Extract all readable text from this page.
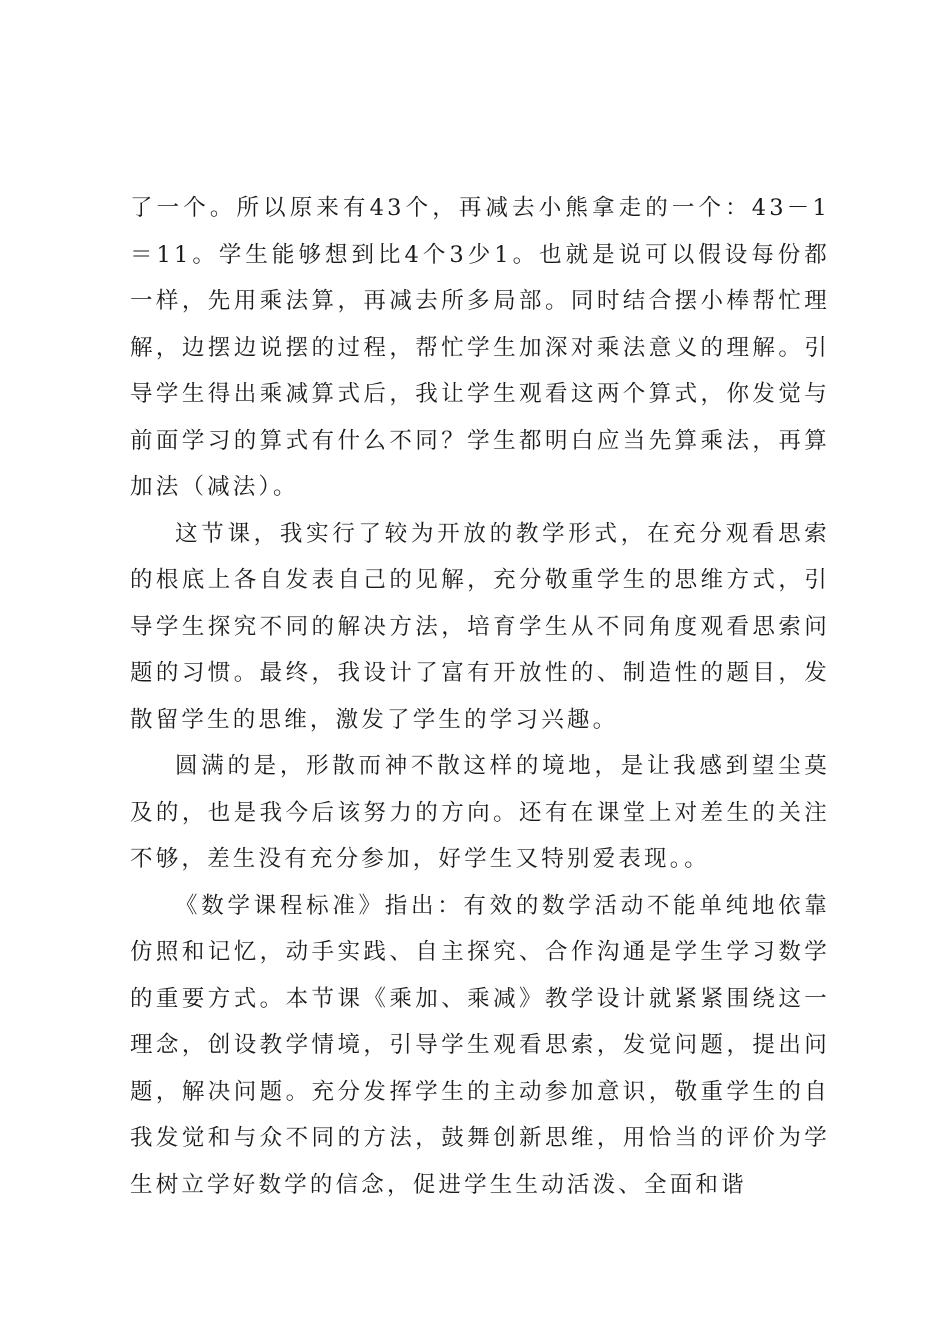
了一个。所以原来有43个，再减去小熊拿走的一个：43－1＝11。学生能够想到比4个3少1。也就是说可以假设每份都一样，先用乘法算，再减去所多局部。同时结合摆小棒帮忙理解，边摆边说摆的过程，帮忙学生加深对乘法意义的理解。引导学生得出乘减算式后，我让学生观看这两个算式，你发觉与前面学习的算式有什么不同？学生都明白应当先算乘法，再算加法（减法）。

这节课，我实行了较为开放的教学形式，在充分观看思索的根底上各自发表自己的见解，充分敬重学生的思维方式，引导学生探究不同的解决方法，培育学生从不同角度观看思索问题的习惯。最终，我设计了富有开放性的、制造性的题目，发散留学生的思维，激发了学生的学习兴趣。

圆满的是，形散而神不散这样的境地，是让我感到望尘莫及的，也是我今后该努力的方向。还有在课堂上对差生的关注不够，差生没有充分参加，好学生又特别爱表现。。

《数学课程标准》指出：有效的数学活动不能单纯地依靠仿照和记忆，动手实践、自主探究、合作沟通是学生学习数学的重要方式。本节课《乘加、乘减》教学设计就紧紧围绕这一理念，创设教学情境，引导学生观看思索，发觉问题，提出问题，解决问题。充分发挥学生的主动参加意识，敬重学生的自我发觉和与众不同的方法，鼓舞创新思维，用恰当的评价为学生树立学好数学的信念，促进学生生动活泼、全面和谐
